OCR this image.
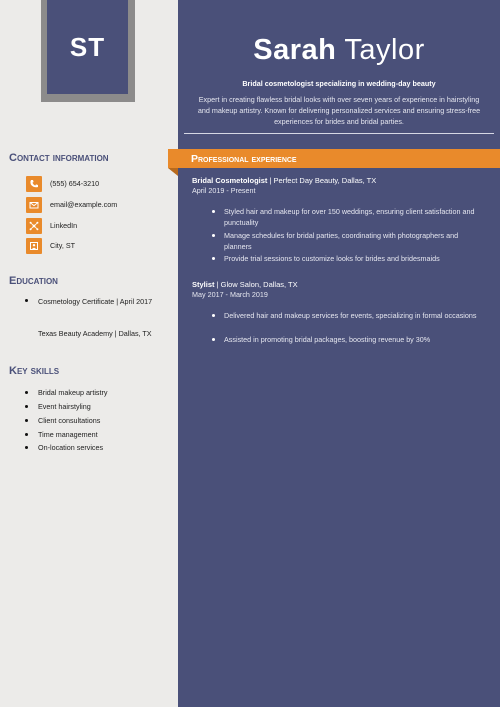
ST	Sarah Taylor
Bridal cosmetologist specializing in wedding-day beauty
Expert in creating flawless bridal looks with over seven years of experience in hairstyling and makeup artistry. Known for delivering personalized services and ensuring stress-free experiences for brides and bridal parties.
Contact information
(555) 654-3210
email@example.com
LinkedIn
City, ST
Education
Cosmetology Certificate | April 2017
Texas Beauty Academy | Dallas, TX
Key skills
Bridal makeup artistry
Event hairstyling
Client consultations
Time management
On-location services
Professional experience
Bridal Cosmetologist | Perfect Day Beauty, Dallas, TX
April 2019 - Present
Styled hair and makeup for over 150 weddings, ensuring client satisfaction and punctuality
Manage schedules for bridal parties, coordinating with photographers and planners
Provide trial sessions to customize looks for brides and bridesmaids
Stylist | Glow Salon, Dallas, TX
May 2017 - March 2019
Delivered hair and makeup services for events, specializing in formal occasions
Assisted in promoting bridal packages, boosting revenue by 30%
